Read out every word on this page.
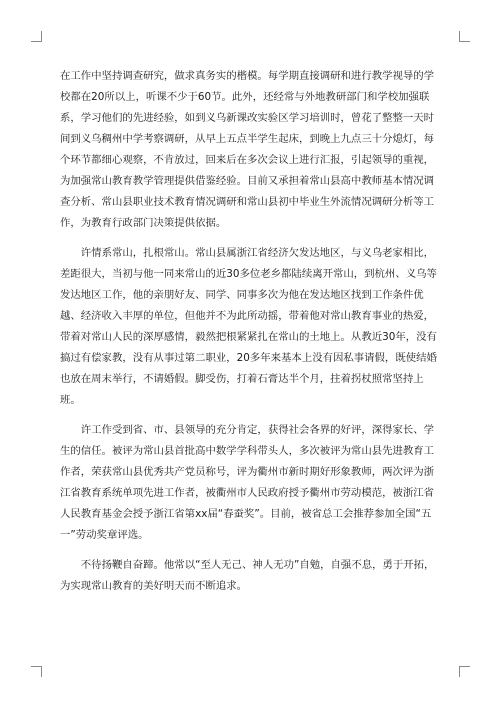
在工作中坚持调查研究，做求真务实的楷模。每学期直接调研和进行教学视导的学校都在20所以上，听课不少于60节。此外，还经常与外地教研部门和学校加强联系，学习他们的先进经验，如到义乌新课改实验区学习培训时，曾花了整整一天时间到义乌稠州中学考察调研，从早上五点半学生起床，到晚上九点三十分熄灯，每个环节都细心观察，不肯放过，回来后在多次会议上进行汇报，引起领导的重视，为加强常山教育教学管理提供借鉴经验。目前又承担着常山县高中教师基本情况调查分析、常山县职业技术教育情况调研和常山县初中毕业生外流情况调研分析等工作，为教育行政部门决策提供依据。

许情系常山，扎根常山。常山县属浙江省经济欠发达地区，与义乌老家相比，差距很大，当初与他一同来常山的近30多位老乡都陆续离开常山，到杭州、义乌等发达地区工作，他的亲朋好友、同学、同事多次为他在发达地区找到工作条件优越、经济收入丰厚的单位，但他并不为此所动摇，带着他对常山教育事业的热爱，带着对常山人民的深厚感情，毅然把根紧紧扎在常山的土地上。从教近30年，没有搞过有偿家教，没有从事过第二职业，20多年来基本上没有因私事请假，既使结婚也放在周末举行，不请婚假。脚受伤，打着石膏达半个月，拄着拐杖照常坚持上班。

许工作受到省、市、县领导的充分肯定，获得社会各界的好评，深得家长、学生的信任。被评为常山县首批高中数学学科带头人，多次被评为常山县先进教育工作者，荣获常山县优秀共产党员称号，评为衢州市新时期好形象教师，两次评为浙江省教育系统单项先进工作者，被衢州市人民政府授予衢州市劳动模范，被浙江省人民教育基金会授予浙江省第xx届“春蚕奖”。目前，被省总工会推荐参加全国“五一”劳动奖章评选。

不待扬鞭自奋蹄。他常以“至人无己、神人无功”自勉，自强不息，勇于开拓，为实现常山教育的美好明天而不断追求。
